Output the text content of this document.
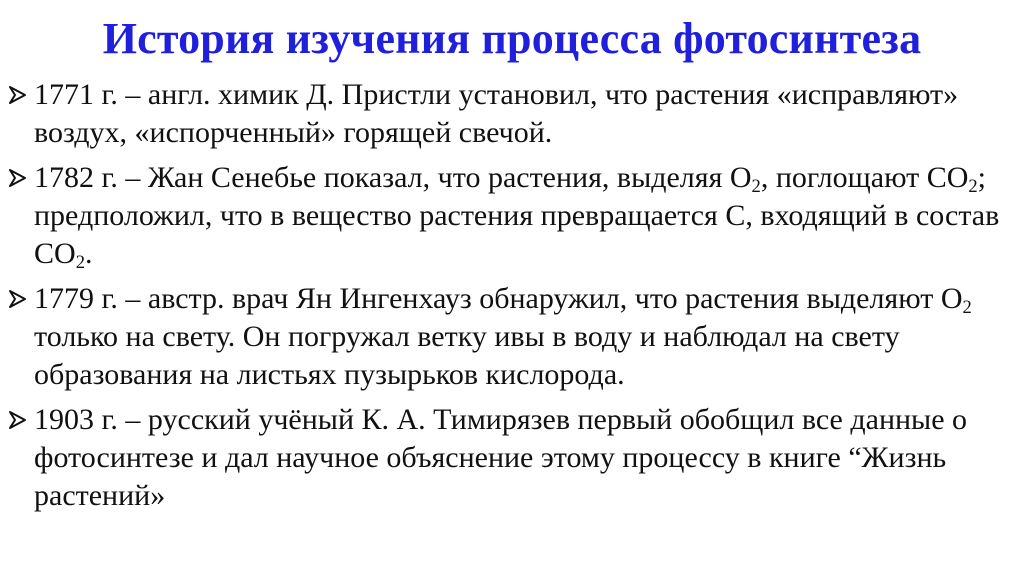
История изучения процесса фотосинтеза
1771 г. – англ. химик Д. Пристли установил, что растения «исправляют» воздух, «испорченный» горящей свечой.
1782 г. – Жан Сенебье показал, что растения, выделяя $О_2$, поглощают $СО_2$; предположил, что в вещество растения превращается С, входящий в состав $СО_2$.
1779 г. – австр. врач Ян Ингенхауз обнаружил, что растения выделяют $О_2$ только на свету. Он погружал ветку ивы в воду и наблюдал на свету образования на листьях пузырьков кислорода.
1903 г. – русский учёный К. А. Тимирязев первый обобщил все данные о фотосинтезе и дал научное объяснение этому процессу в книге “Жизнь растений»
